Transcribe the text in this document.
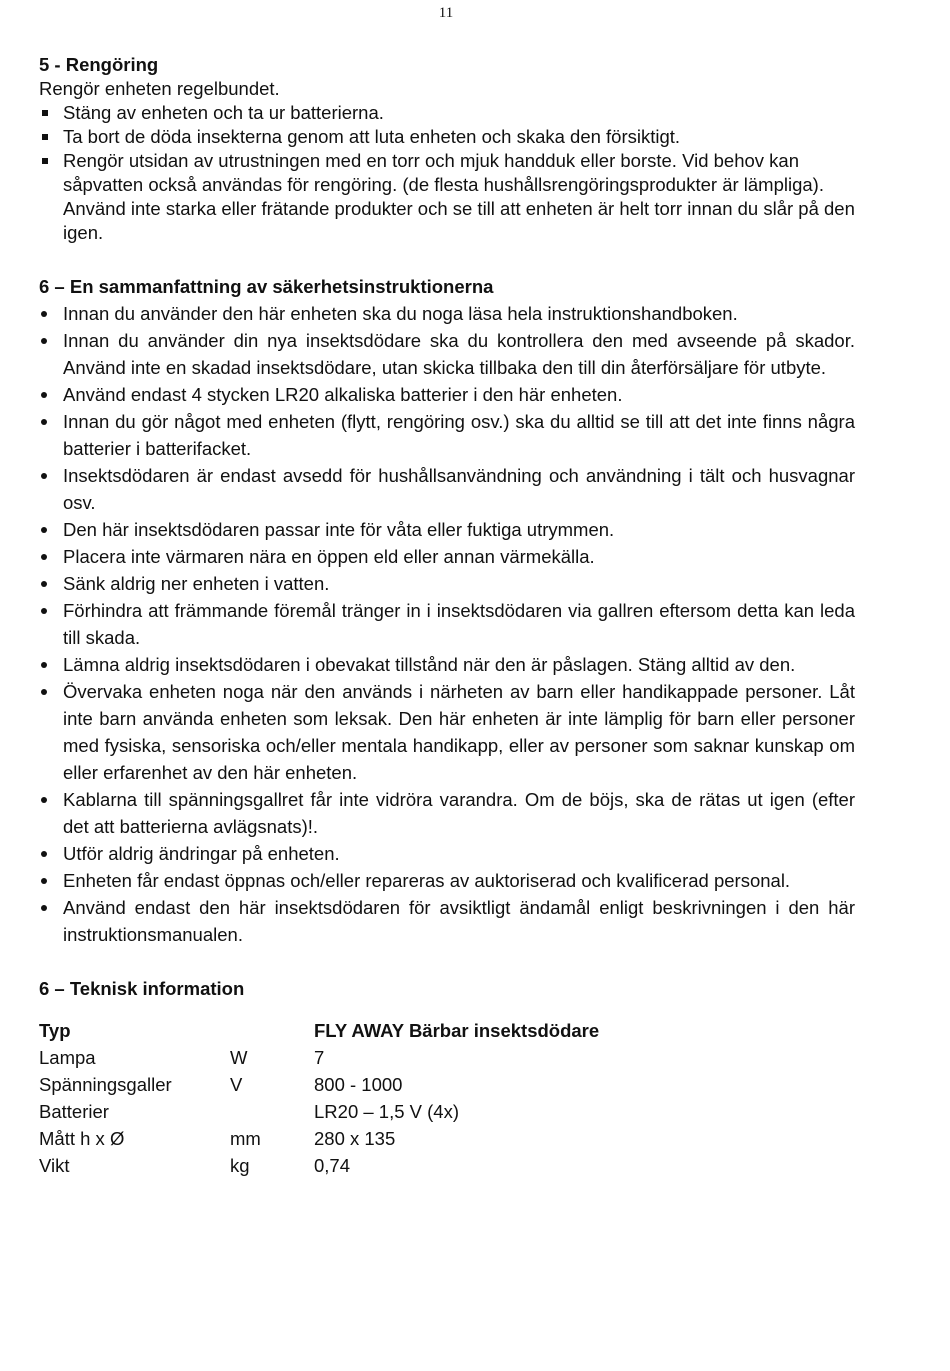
11
5 - Rengöring

Rengör enheten regelbundet.

Stäng av enheten och ta ur batterierna.
Ta bort de döda insekterna genom att luta enheten och skaka den försiktigt.
Rengör utsidan av utrustningen med en torr och mjuk handduk eller borste. Vid behov kan såpvatten också användas för rengöring. (de flesta hushållsrengöringsprodukter är lämpliga). Använd inte starka eller frätande produkter och se till att enheten är helt torr innan du slår på den igen.
6 – En sammanfattning av säkerhetsinstruktionerna
Innan du använder den här enheten ska du noga läsa hela instruktionshandboken.
Innan du använder din nya insektsdödare ska du kontrollera den med avseende på skador. Använd inte en skadad insektsdödare, utan skicka tillbaka den till din återförsäljare för utbyte.
Använd endast 4 stycken LR20 alkaliska batterier i den här enheten.
Innan du gör något med enheten (flytt, rengöring osv.) ska du alltid se till att det inte finns några batterier i batterifacket.
Insektsdödaren är endast avsedd för hushållsanvändning och användning i tält och husvagnar osv.
Den här insektsdödaren passar inte för våta eller fuktiga utrymmen.
Placera inte värmaren nära en öppen eld eller annan värmekälla.
Sänk aldrig ner enheten i vatten.
Förhindra att främmande föremål tränger in i insektsdödaren via gallren eftersom detta kan leda till skada.
Lämna aldrig insektsdödaren i obevakat tillstånd när den är påslagen. Stäng alltid av den.
Övervaka enheten noga när den används i närheten av barn eller handikappade personer. Låt inte barn använda enheten som leksak. Den här enheten är inte lämplig för barn eller personer med fysiska, sensoriska och/eller mentala handikapp, eller av personer som saknar kunskap om eller erfarenhet av den här enheten.
Kablarna till spänningsgallret får inte vidröra varandra. Om de böjs, ska de rätas ut igen (efter det att batterierna avlägsnats)!.
Utför aldrig ändringar på enheten.
Enheten får endast öppnas och/eller repareras av auktoriserad och kvalificerad personal.
Använd endast den här insektsdödaren för avsiktligt ändamål enligt beskrivningen i den här instruktionsmanualen.
6 – Teknisk information
Typ		FLY AWAY Bärbar insektsdödare
Lampa	W	7
Spänningsgaller	V	800 - 1000
Batterier		LR20 – 1,5 V (4x)
Mått h x Ø	mm	280 x 135
Vikt	kg	0,74
